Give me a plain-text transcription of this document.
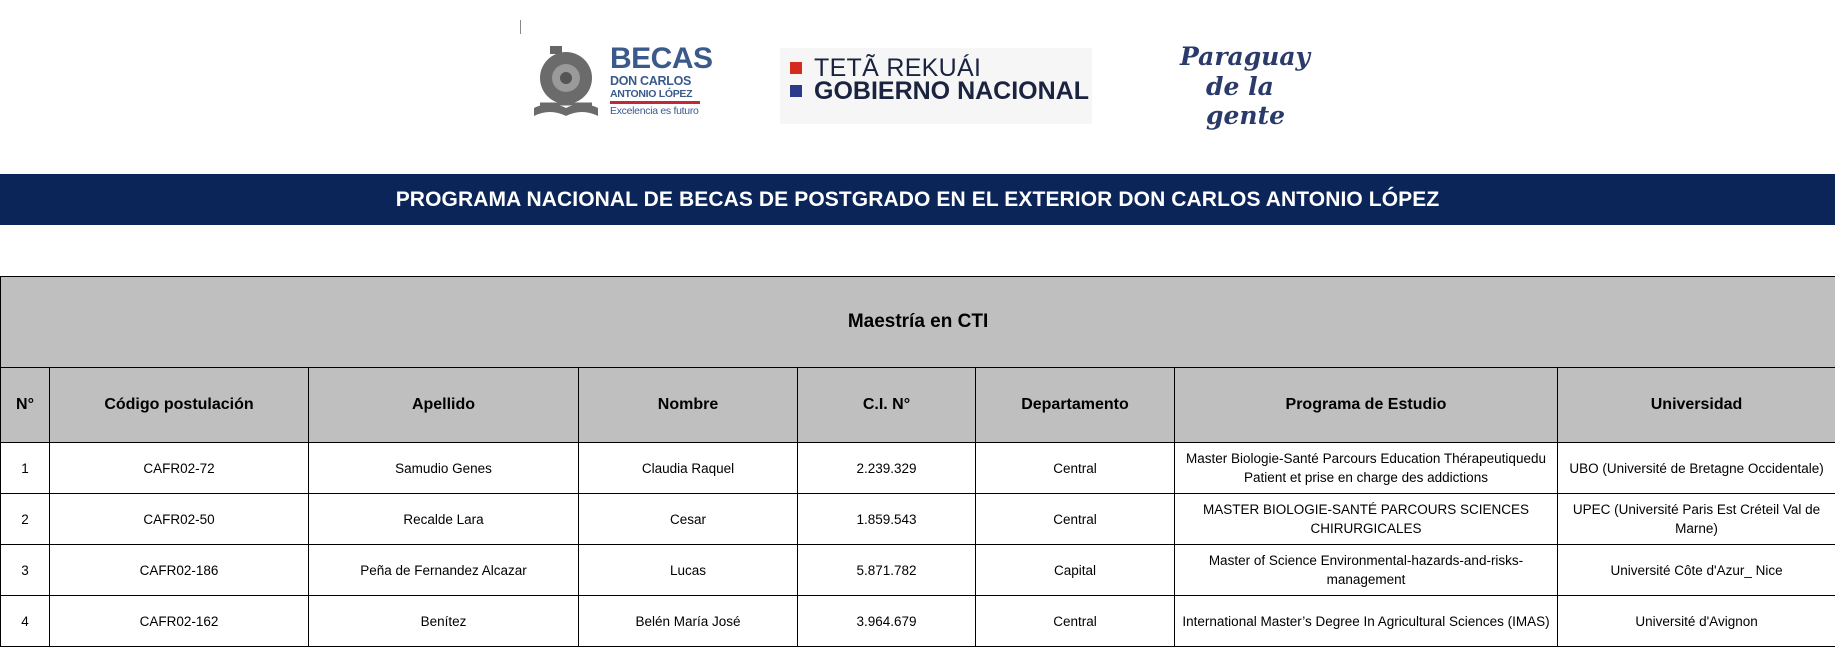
BECAS
DON CARLOS
ANTONIO LÓPEZ
Excelencia es futuro
TETÃ REKUÁI
GOBIERNO NACIONAL
Paraguay
de la gente
PROGRAMA NACIONAL DE BECAS DE POSTGRADO EN EL EXTERIOR DON CARLOS ANTONIO LÓPEZ
Maestría en CTI							
N°	Código postulación	Apellido	Nombre	C.I. N°	Departamento	Programa de Estudio	Universidad
1	CAFR02-72	Samudio Genes	Claudia Raquel	2.239.329	Central	Master Biologie-Santé Parcours Education Thérapeutiquedu Patient et prise en charge des addictions	UBO (Université de Bretagne Occidentale)
2	CAFR02-50	Recalde Lara	Cesar	1.859.543	Central	MASTER BIOLOGIE-SANTÉ PARCOURS SCIENCES CHIRURGICALES	UPEC (Université Paris Est Créteil Val de Marne)
3	CAFR02-186	Peña de Fernandez Alcazar	Lucas	5.871.782	Capital	Master of Science Environmental-hazards-and-risks-management	Université Côte d'Azur_ Nice
4	CAFR02-162	Benítez	Belén María José	3.964.679	Central	International Master’s Degree In Agricultural Sciences (IMAS)	Université d'Avignon
